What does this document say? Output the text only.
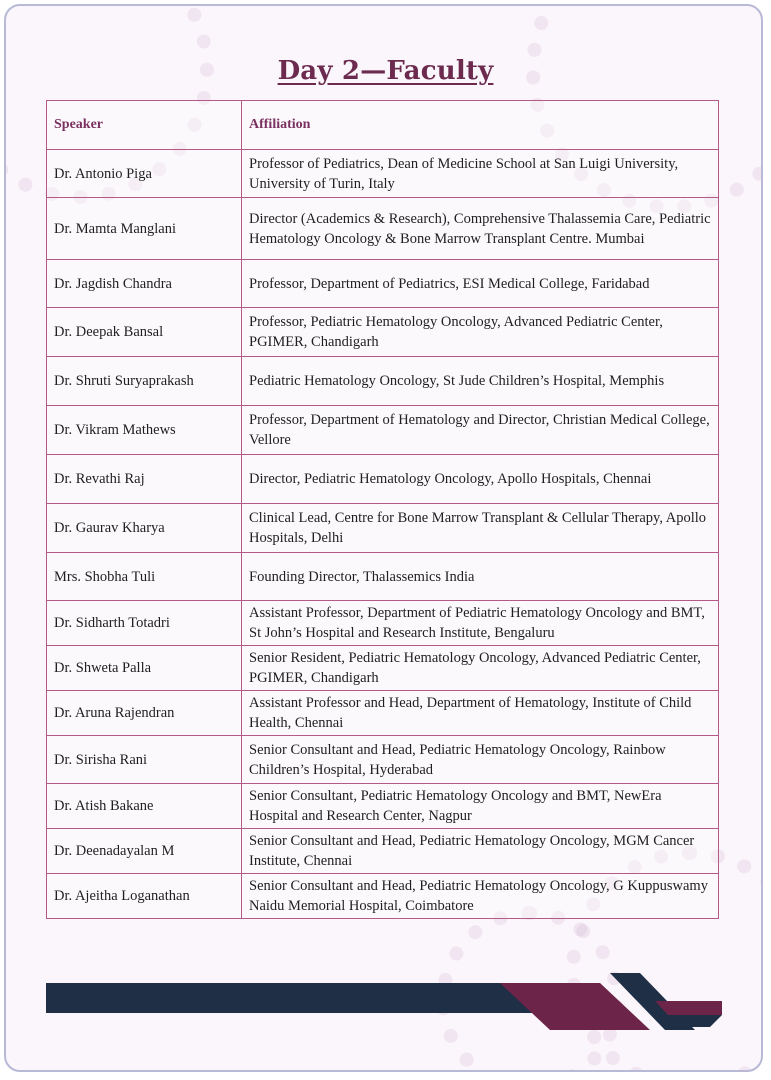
Day 2—Faculty
Speaker	Affiliation
Dr. Antonio Piga	Professor of Pediatrics, Dean of Medicine School at San Luigi University, University of Turin, Italy
Dr. Mamta Manglani	Director (Academics & Research), Comprehensive Thalassemia Care, Pediatric Hematology Oncology & Bone Marrow Transplant Centre. Mumbai
Dr. Jagdish Chandra	Professor, Department of Pediatrics, ESI Medical College, Faridabad
Dr. Deepak Bansal	Professor, Pediatric Hematology Oncology, Advanced Pediatric Center, PGIMER, Chandigarh
Dr. Shruti Suryaprakash	Pediatric Hematology Oncology, St Jude Children’s Hospital, Memphis
Dr. Vikram Mathews	Professor, Department of Hematology and Director, Christian Medical College, Vellore
Dr. Revathi Raj	Director, Pediatric Hematology Oncology, Apollo Hospitals, Chennai
Dr. Gaurav Kharya	Clinical Lead, Centre for Bone Marrow Transplant & Cellular Therapy, Apollo Hospitals, Delhi
Mrs. Shobha Tuli	Founding Director, Thalassemics India
Dr. Sidharth Totadri	Assistant Professor, Department of Pediatric Hematology Oncology and BMT, St John’s Hospital and Research Institute, Bengaluru
Dr. Shweta Palla	Senior Resident, Pediatric Hematology Oncology, Advanced Pediatric Center, PGIMER, Chandigarh
Dr. Aruna Rajendran	Assistant Professor and Head, Department of Hematology, Institute of Child Health, Chennai
Dr. Sirisha Rani	Senior Consultant and Head, Pediatric Hematology Oncology, Rainbow Children’s Hospital, Hyderabad
Dr. Atish Bakane	Senior Consultant, Pediatric Hematology Oncology and BMT, NewEra Hospital and Research Center, Nagpur
Dr. Deenadayalan M	Senior Consultant and Head, Pediatric Hematology Oncology, MGM Cancer Institute, Chennai
Dr. Ajeitha Loganathan	Senior Consultant and Head, Pediatric Hematology Oncology, G Kuppuswamy Naidu Memorial Hospital, Coimbatore
